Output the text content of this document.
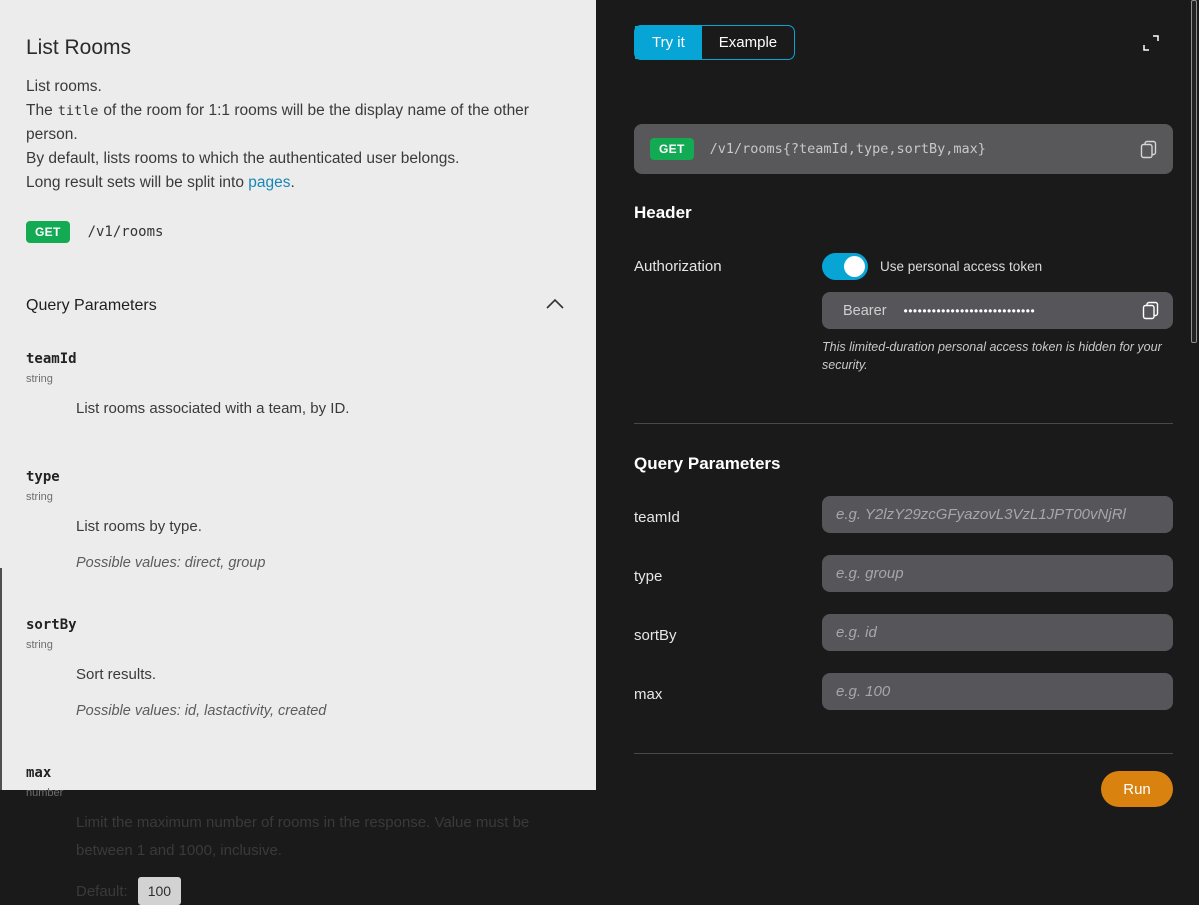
List Rooms

List rooms.

The title of the room for 1:1 rooms will be the display name of the other person.

By default, lists rooms to which the authenticated user belongs.

Long result sets will be split into pages.

GET	/v1/rooms
Query Parameters
teamId
string
List rooms associated with a team, by ID.
type
string
List rooms by type.
Possible values: direct, group
sortBy
string
Sort results.
Possible values: id, lastactivity, created
max
number
Limit the maximum number of rooms in the response. Value must be between 1 and 1000, inclusive.
Default:	100
Try it	Example
GET	/v1/rooms{?teamId,type,sortBy,max}
Header
Authorization	Use personal access token
Bearer ••••••••••••••••••••••••••••

This limited-duration personal access token is hidden for your security.

Query Parameters
teamId
e.g. Y2lzY29zcGFyazovL3VzL1JPT00vNjRl
type
e.g. group
sortBy
e.g. id
max
e.g. 100
Run
